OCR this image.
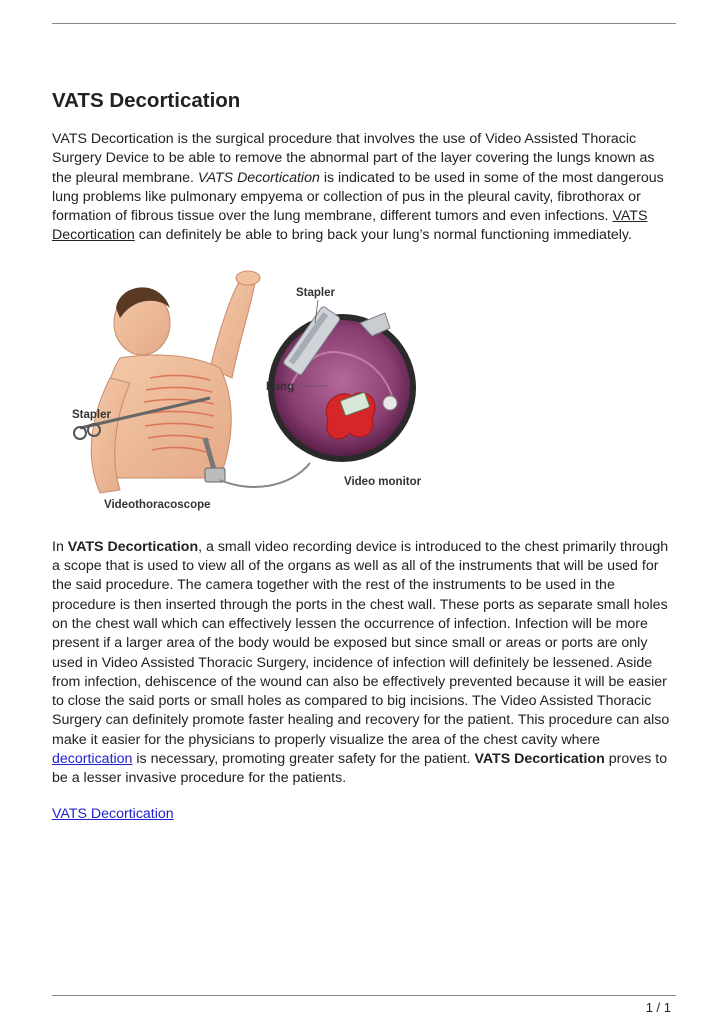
VATS Decortication

VATS Decortication is the surgical procedure that involves the use of Video Assisted Thoracic Surgery Device to be able to remove the abnormal part of the layer covering the lungs known as the pleural membrane. VATS Decortication is indicated to be used in some of the most dangerous lung problems like pulmonary empyema or collection of pus in the pleural cavity, fibrothorax or formation of fibrous tissue over the lung membrane, different tumors and even infections. VATS Decortication can definitely be able to bring back your lung’s normal functioning immediately.

Stapler
Stapler
Lung
Video monitor
Videothoracoscope

In VATS Decortication, a small video recording device is introduced to the chest primarily through a scope that is used to view all of the organs as well as all of the instruments that will be used for the said procedure. The camera together with the rest of the instruments to be used in the procedure is then inserted through the ports in the chest wall. These ports as separate small holes on the chest wall which can effectively lessen the occurrence of infection. Infection will be more present if a larger area of the body would be exposed but since small or areas or ports are only used in Video Assisted Thoracic Surgery, incidence of infection will definitely be lessened. Aside from infection, dehiscence of the wound can also be effectively prevented because it will be easier to close the said ports or small holes as compared to big incisions. The Video Assisted Thoracic Surgery can definitely promote faster healing and recovery for the patient. This procedure can also make it easier for the physicians to properly visualize the area of the chest cavity where decortication is necessary, promoting greater safety for the patient. VATS Decortication proves to be a lesser invasive procedure for the patients.

VATS Decortication

1 / 1
